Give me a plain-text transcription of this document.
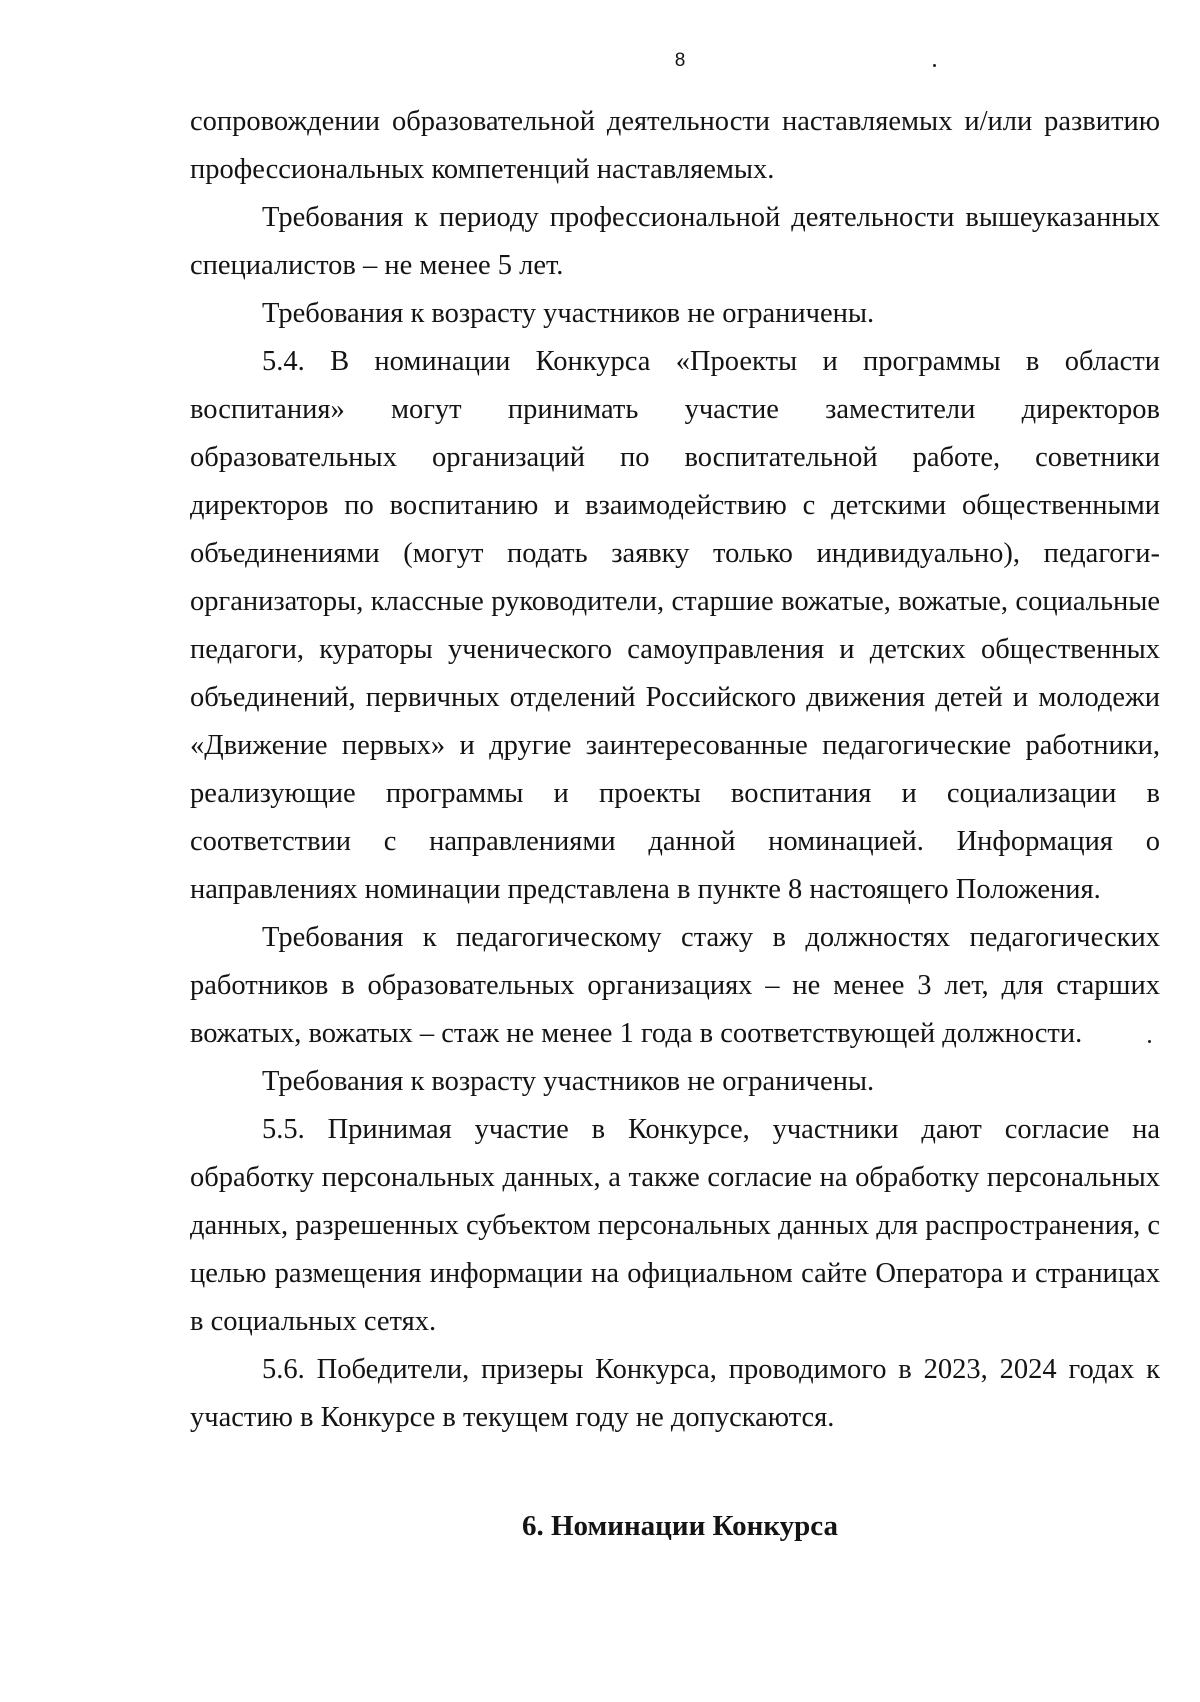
8

сопровождении образовательной деятельности наставляемых и/или развитию профессиональных компетенций наставляемых.

Требования к периоду профессиональной деятельности вышеуказанных специалистов – не менее 5 лет.

Требования к возрасту участников не ограничены.

5.4. В номинации Конкурса «Проекты и программы в области воспитания» могут принимать участие заместители директоров образовательных организаций по воспитательной работе, советники директоров по воспитанию и взаимодействию с детскими общественными объединениями (могут подать заявку только индивидуально), педагоги-организаторы, классные руководители, старшие вожатые, вожатые, социальные педагоги, кураторы ученического самоуправления и детских общественных объединений, первичных отделений Российского движения детей и молодежи «Движение первых» и другие заинтересованные педагогические работники, реализующие программы и проекты воспитания и социализации в соответствии с направлениями данной номинацией. Информация о направлениях номинации представлена в пункте 8 настоящего Положения.

Требования к педагогическому стажу в должностях педагогических работников в образовательных организациях – не менее 3 лет, для старших вожатых, вожатых – стаж не менее 1 года в соответствующей должности.

Требования к возрасту участников не ограничены.

5.5. Принимая участие в Конкурсе, участники дают согласие на обработку персональных данных, а также согласие на обработку персональных данных, разрешенных субъектом персональных данных для распространения, с целью размещения информации на официальном сайте Оператора и страницах в социальных сетях.

5.6. Победители, призеры Конкурса, проводимого в 2023, 2024 годах к участию в Конкурсе в текущем году не допускаются.

6. Номинации Конкурса
